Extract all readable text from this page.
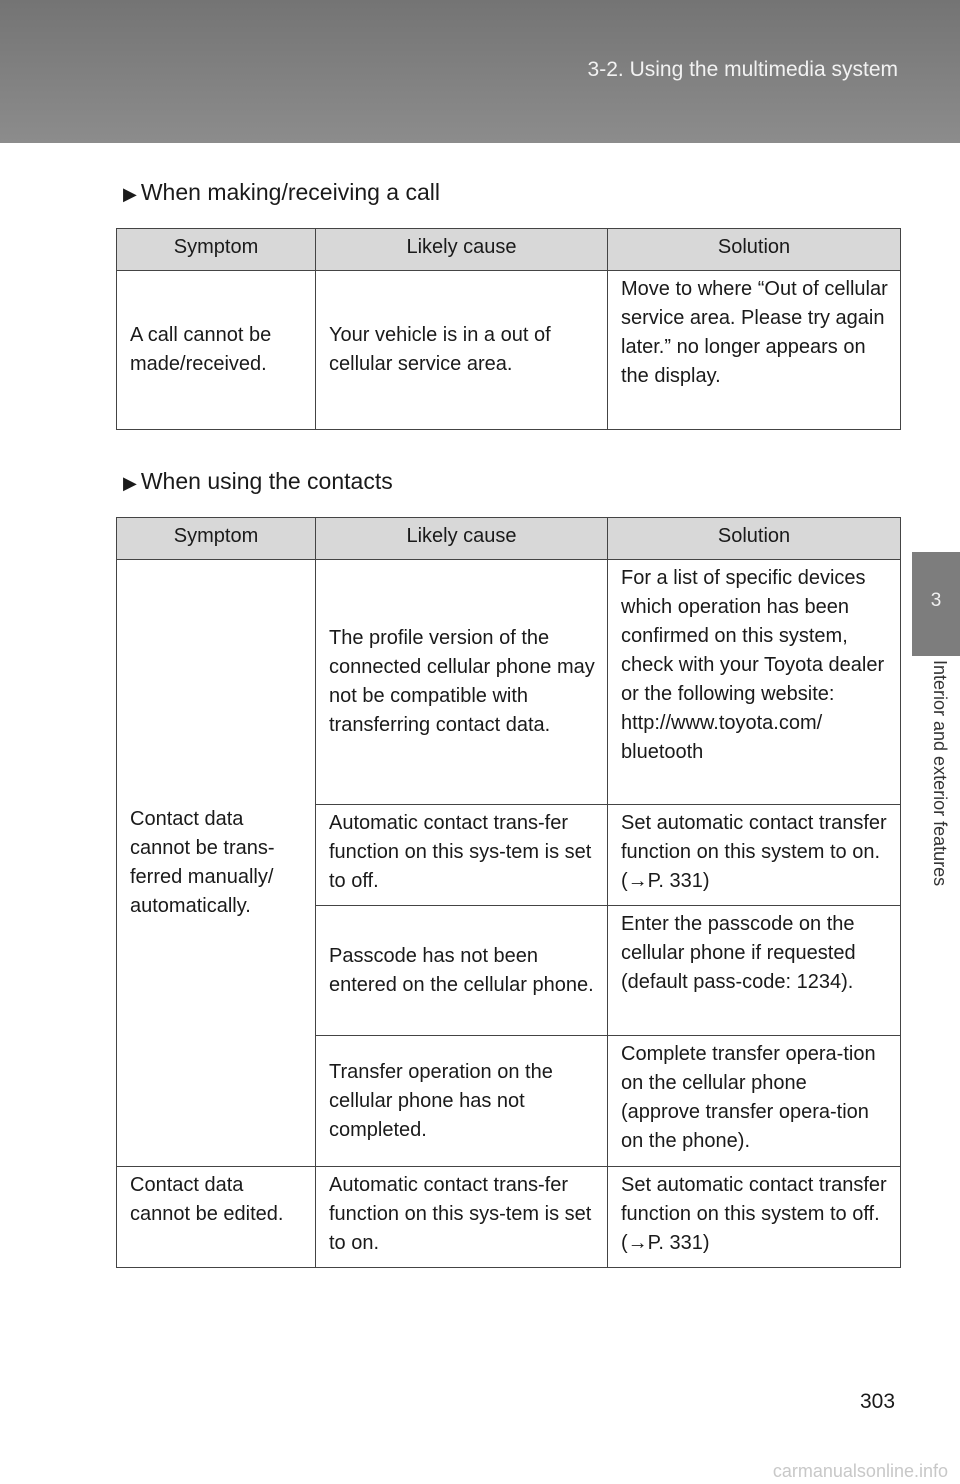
3-2. Using the multimedia system
3
Interior and exterior features
▶ When making/receiving a call
Symptom	Likely cause	Solution
A call cannot be made/received.	Your vehicle is in a out of cellular service area.	Move to where “Out of cellular service area. Please try again later.” no longer appears on the display.
▶ When using the contacts
Symptom	Likely cause	Solution
Contact data cannot be trans-ferred manually/ automatically.	The profile version of the connected cellular phone may not be compatible with transferring contact data.	For a list of specific devices which operation has been confirmed on this system, check with your Toyota dealer or the following website: http://www.toyota.com/ bluetooth
	Automatic contact trans-fer function on this sys-tem is set to off.	Set automatic contact transfer function on this system to on. (→P. 331)
	Passcode has not been entered on the cellular phone.	Enter the passcode on the cellular phone if requested (default pass-code: 1234).
	Transfer operation on the cellular phone has not completed.	Complete transfer opera-tion on the cellular phone (approve transfer opera-tion on the phone).
Contact data cannot be edited.	Automatic contact trans-fer function on this sys-tem is set to on.	Set automatic contact transfer function on this system to off. (→P. 331)
303
carmanualsonline.info
